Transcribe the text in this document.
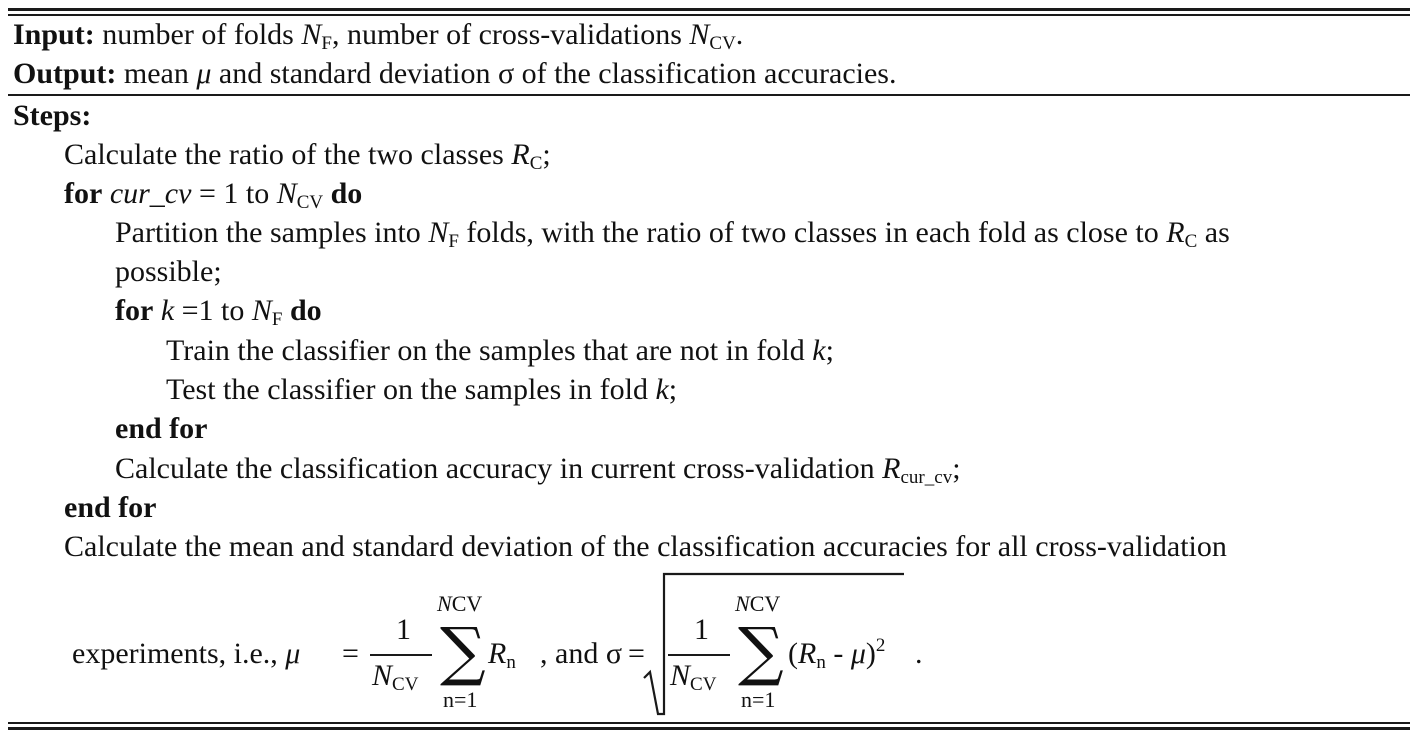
Input: number of folds $N_F$, number of cross-validations $N_{CV}$.
Output: mean μ and standard deviation σ of the classification accuracies.
Steps:
Calculate the ratio of the two classes $R_C$;
for cur_cv = 1 to $N_{CV}$ do
Partition the samples into $N_F$ folds, with the ratio of two classes in each fold as close to $R_C$ as
possible;
for k =1 to $N_F$ do
Train the classifier on the samples that are not in fold k;
Test the classifier on the samples in fold k;
end for
Calculate the classification accuracy in current cross-validation $R_{cur\_cv}$;
end for
Calculate the mean and standard deviation of the classification accuracies for all cross-validation
experiments, i.e., μ =
1
$N_{CV}$
NCV
∑
n=1
$R_n$ , and σ =
1
$N_{CV}$
NCV
∑
n=1
$(R_n - \mu)^2$ .
